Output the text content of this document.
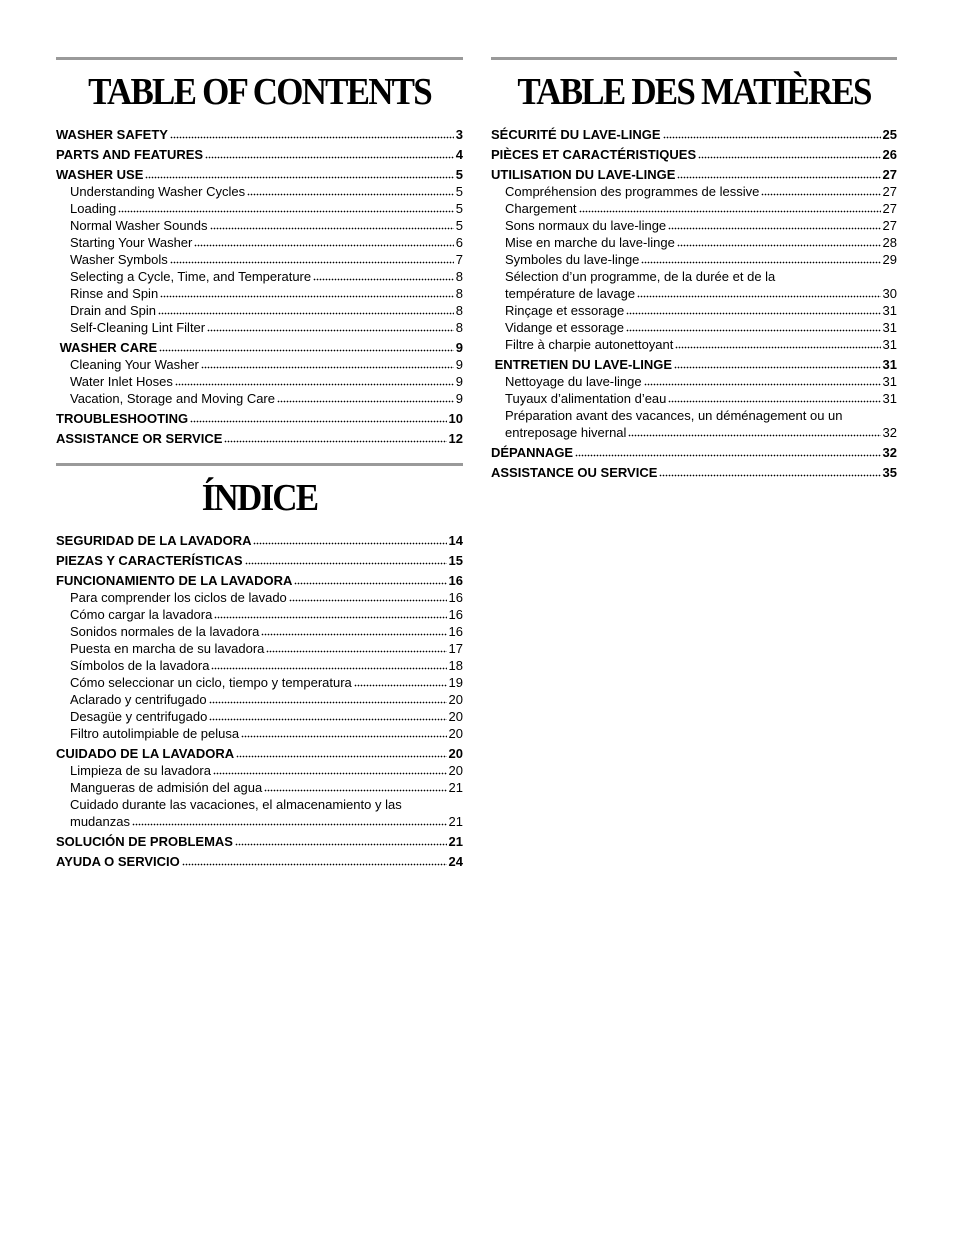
TABLE OF CONTENTS
WASHER SAFETY	3
PARTS AND FEATURES	4
WASHER USE	5
Understanding Washer Cycles	5
Loading	5
Normal Washer Sounds	5
Starting Your Washer	6
Washer Symbols	7
Selecting a Cycle, Time, and Temperature	8
Rinse and Spin	8
Drain and Spin	8
Self-Cleaning Lint Filter	8
WASHER CARE	9
Cleaning Your Washer	9
Water Inlet Hoses	9
Vacation, Storage and Moving Care	9
TROUBLESHOOTING	10
ASSISTANCE OR SERVICE	12
ÍNDICE
SEGURIDAD DE LA LAVADORA	14
PIEZAS Y CARACTERÍSTICAS	15
FUNCIONAMIENTO DE LA LAVADORA	16
Para comprender los ciclos de lavado	16
Cómo cargar la lavadora	16
Sonidos normales de la lavadora	16
Puesta en marcha de su lavadora	17
Símbolos de la lavadora	18
Cómo seleccionar un ciclo, tiempo y temperatura	19
Aclarado y centrifugado	20
Desagüe y centrifugado	20
Filtro autolimpiable de pelusa	20
CUIDADO DE LA LAVADORA	20
Limpieza de su lavadora	20
Mangueras de admisión del agua	21
Cuidado durante las vacaciones, el almacenamiento y las
mudanzas	21
SOLUCIÓN DE PROBLEMAS	21
AYUDA O SERVICIO	24
TABLE DES MATIÈRES
SÉCURITÉ DU LAVE-LINGE	25
PIÈCES ET CARACTÉRISTIQUES	26
UTILISATION DU LAVE-LINGE	27
Compréhension des programmes de lessive	27
Chargement	27
Sons normaux du lave-linge	27
Mise en marche du lave-linge	28
Symboles du lave-linge	29
Sélection d’un programme, de la durée et de la
température de lavage	30
Rinçage et essorage	31
Vidange et essorage	31
Filtre à charpie autonettoyant	31
ENTRETIEN DU LAVE-LINGE	31
Nettoyage du lave-linge	31
Tuyaux d’alimentation d’eau	31
Préparation avant des vacances, un déménagement ou un
entreposage hivernal	32
DÉPANNAGE	32
ASSISTANCE OU SERVICE	35
